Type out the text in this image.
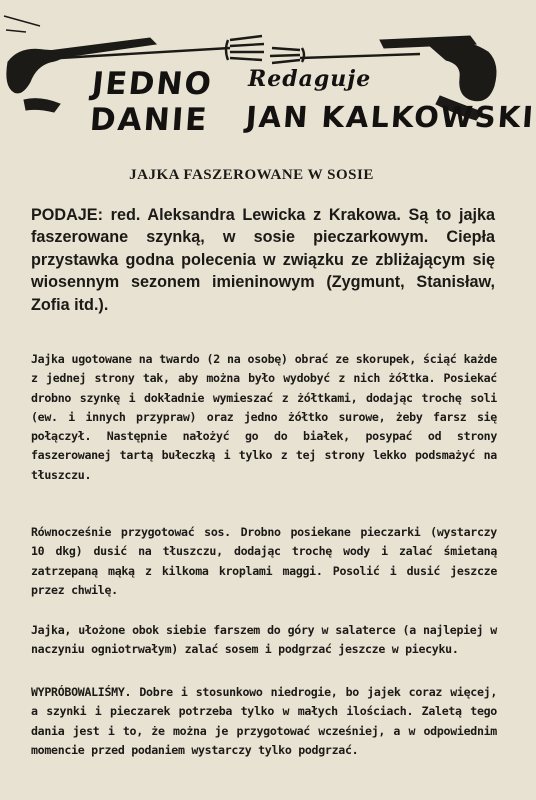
JEDNO Redaguje
DANIE JAN KALKOWSKI
JAJKA FASZEROWANE W SOSIE

PODAJE: red. Aleksandra Lewicka z Krakowa. Są to jajka faszerowane szynką, w sosie pieczarkowym. Ciepła przystawka godna polecenia w związku ze zbliżającym się wiosennym sezonem imieninowym (Zygmunt, Stanisław, Zofia itd.).

Jajka ugotowane na twardo (2 na osobę) obrać ze skorupek, ściąć każde z jednej strony tak, aby można było wydobyć z nich żółtka. Posiekać drobno szynkę i dokładnie wymieszać z żółtkami, dodając trochę soli (ew. i innych przypraw) oraz jedno żółtko surowe, żeby farsz się połączył. Następnie nałożyć go do białek, posypać od strony faszerowanej tartą bułeczką i tylko z tej strony lekko podsmażyć na tłuszczu.

Równocześnie przygotować sos. Drobno posiekane pieczarki (wystarczy 10 dkg) dusić na tłuszczu, dodając trochę wody i zalać śmietaną zatrzepaną mąką z kilkoma kroplami maggi. Posolić i dusić jeszcze przez chwilę.

Jajka, ułożone obok siebie farszem do góry w salaterce (a najlepiej w naczyniu ogniotrwałym) zalać sosem i podgrzać jeszcze w piecyku.

WYPRÓBOWALIŚMY. Dobre i stosunkowo niedrogie, bo jajek coraz więcej, a szynki i pieczarek potrzeba tylko w małych ilościach. Zaletą tego dania jest i to, że można je przygotować wcześniej, a w odpowiednim momencie przed podaniem wystarczy tylko podgrzać.
